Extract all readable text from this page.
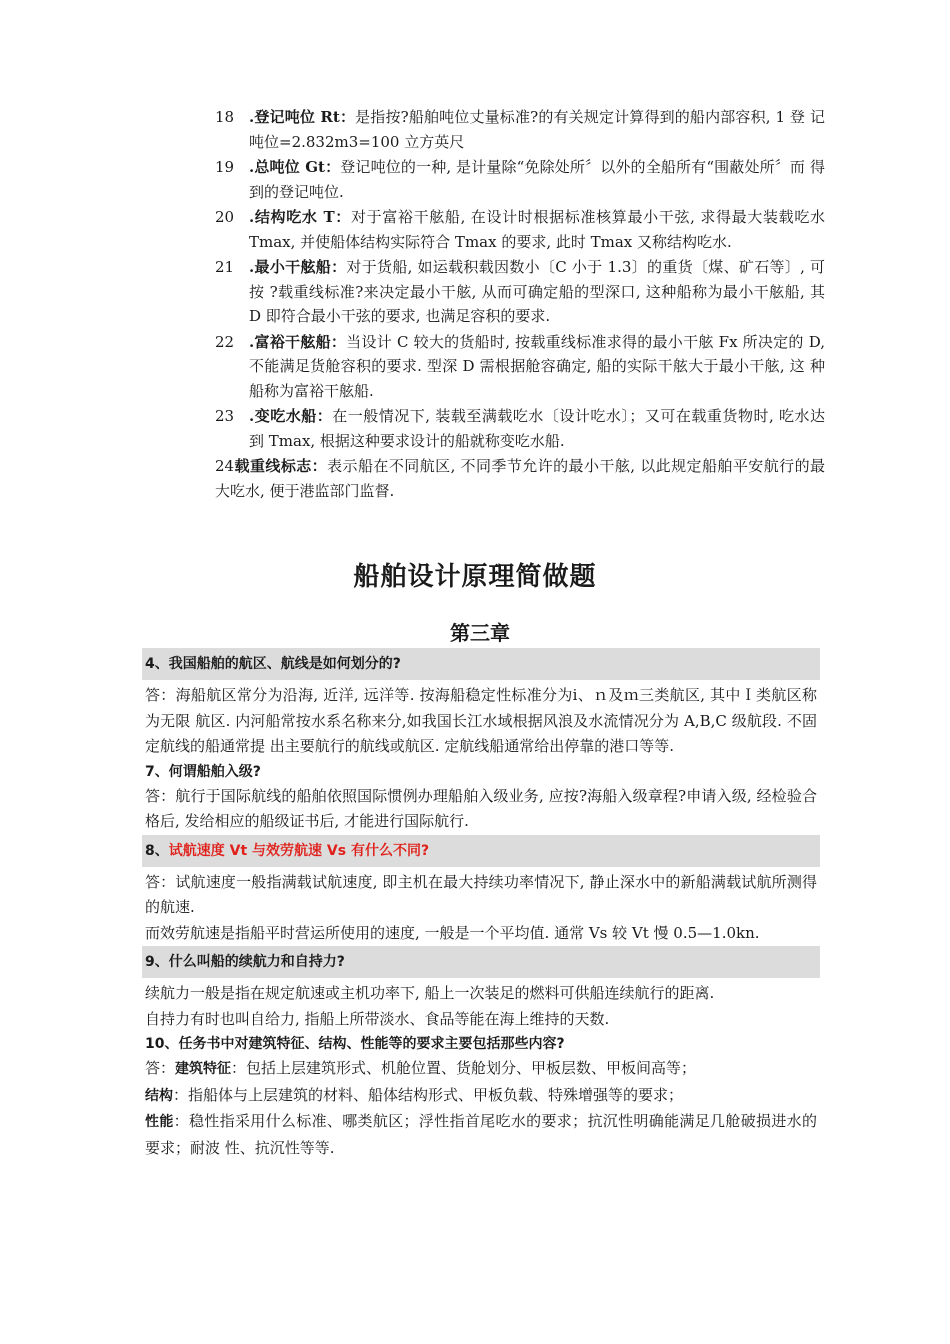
18 .登记吨位 Rt：是指按?船舶吨位丈量标准?的有关规定计算得到的船内部容积, 1 登 记吨位=2.832m3=100 立方英尺
19 .总吨位 Gt：登记吨位的一种, 是计量除“免除处所〞以外的全船所有“围蔽处所〞而 得到的登记吨位.
20 .结构吃水 T：对于富裕干舷船, 在设计时根据标准核算最小干弦, 求得最大装载吃水 Tmax, 并使船体结构实际符合 Tmax 的要求, 此时 Tmax 又称结构吃水.
21 .最小干舷船：对于货船, 如运载积载因数小〔C 小于 1.3〕的重货〔煤、矿石等〕, 可按 ?载重线标准?来决定最小干舷, 从而可确定船的型深口, 这种船称为最小干舷船, 其 D 即符合最小干弦的要求, 也满足容积的要求.
22 .富裕干舷船：当设计 C 较大的货船时, 按载重线标准求得的最小干舷 Fx 所决定的 D, 不能满足货舱容积的要求. 型深 D 需根据舱容确定, 船的实际干舷大于最小干舷, 这 种船称为富裕干舷船.
23 .变吃水船：在一般情况下, 装载至满载吃水〔设计吃水〕；又可在载重货物时, 吃水达 到 Tmax, 根据这种要求设计的船就称变吃水船.
24载重线标志：表示船在不同航区, 不同季节允许的最小干舷, 以此规定船舶平安航行的最 大吃水, 便于港监部门监督.
船舶设计原理简做题
第三章

4、我国船舶的航区、航线是如何划分的?

答：海船航区常分为沿海, 近洋, 远洋等. 按海船稳定性标准分为ⅰ、ｎ及ｍ三类航区, 其中Ｉ类航区称为无限 航区. 内河船常按水系名称来分,如我国长江水域根据风浪及水流情况分为 A,B,C 级航段. 不固定航线的船通常提 出主要航行的航线或航区. 定航线船通常给出停靠的港口等等.

7、何谓船舶入级?

答：航行于国际航线的船舶依照国际惯例办理船舶入级业务, 应按?海船入级章程?申请入级, 经检验合格后, 发给相应的船级证书后, 才能进行国际航行.

8、试航速度 Vt 与效劳航速 Vs 有什么不同?

答：试航速度一般指满载试航速度, 即主机在最大持续功率情况下, 静止深水中的新船满载试航所测得的航速.

而效劳航速是指船平时营运所使用的速度, 一般是一个平均值. 通常 Vs 较 Vt 慢 0.5—1.0kn.

9、什么叫船的续航力和自持力?

续航力一般是指在规定航速或主机功率下, 船上一次装足的燃料可供船连续航行的距离.

自持力有时也叫自给力, 指船上所带淡水、食品等能在海上维持的天数.

10、任务书中对建筑特征、结构、性能等的要求主要包括那些内容?

答：建筑特征：包括上层建筑形式、机舱位置、货舱划分、甲板层数、甲板间高等；

结构：指船体与上层建筑的材料、船体结构形式、甲板负载、特殊增强等的要求；

性能：稳性指采用什么标准、哪类航区；浮性指首尾吃水的要求；抗沉性明确能满足几舱破损进水的要求；耐波 性、抗沉性等等.
